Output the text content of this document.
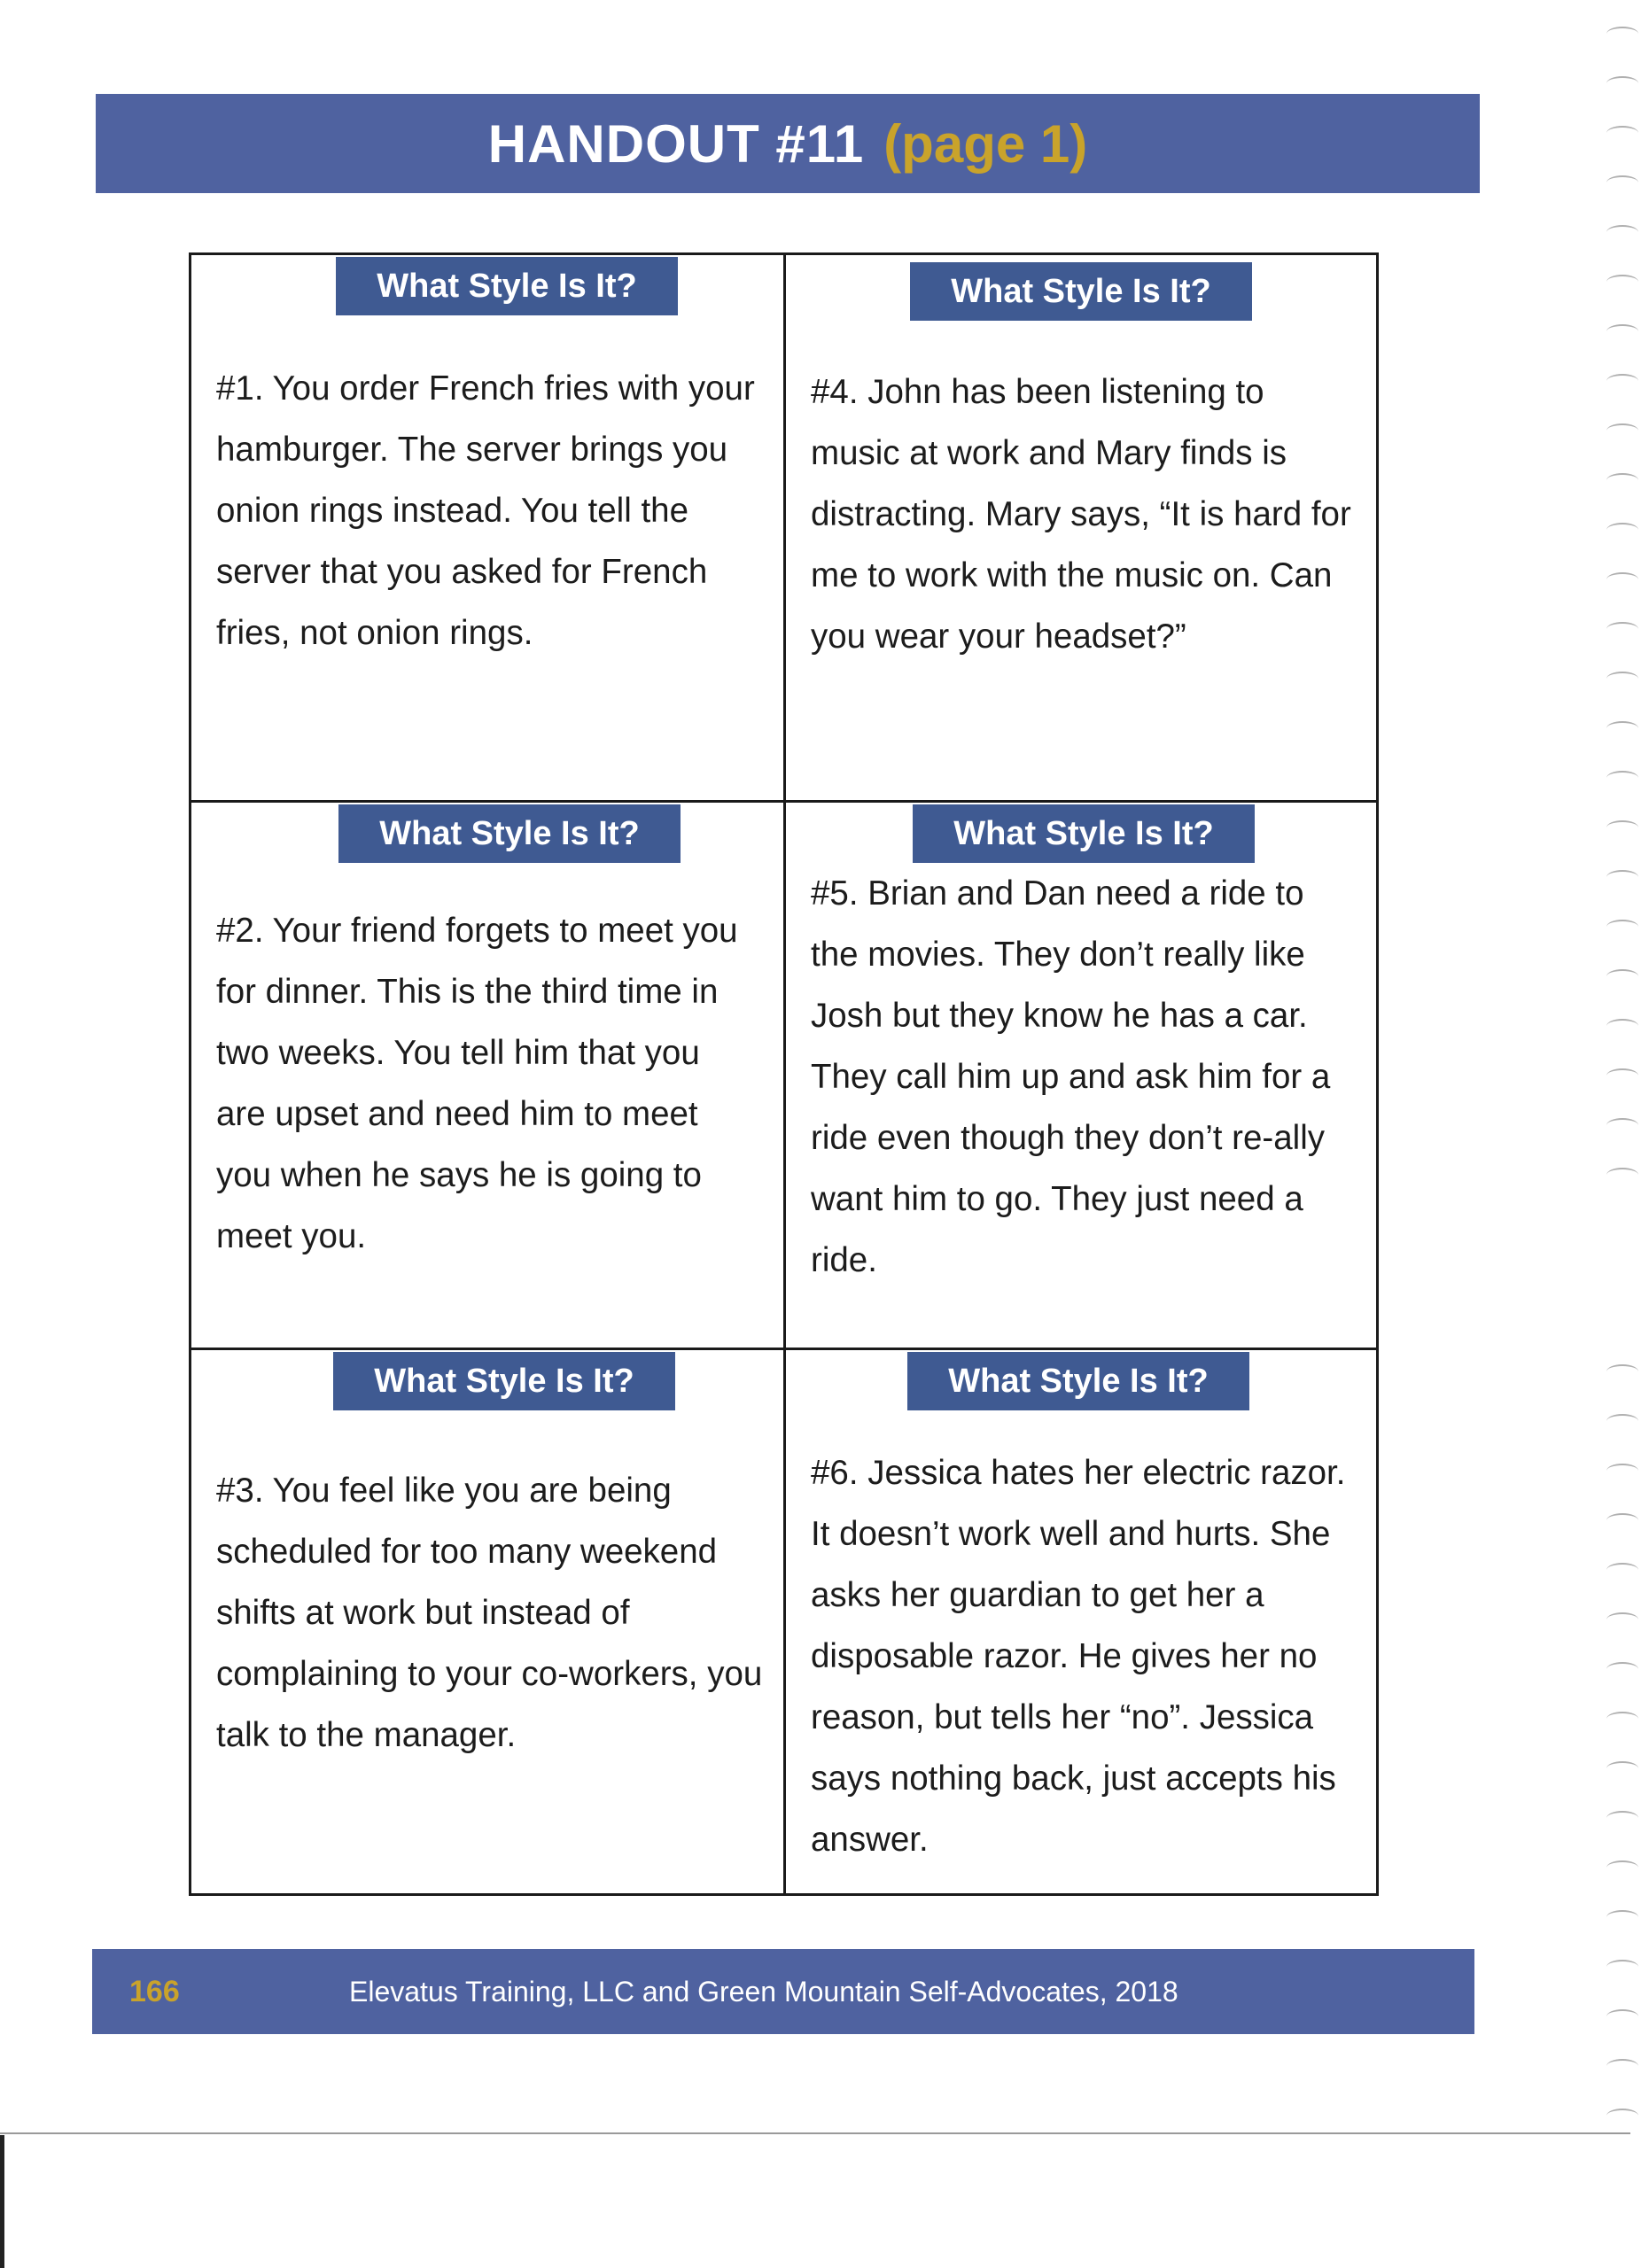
HANDOUT #11 (page 1)
What Style Is It?
#1. You order French fries with your hamburger. The server brings you onion rings instead. You tell the server that you asked for French fries, not onion rings.
What Style Is It?
#4. John has been listening to music at work and Mary finds is distracting. Mary says, “It is hard for me to work with the music on. Can you wear your headset?”
What Style Is It?
#2. Your friend forgets to meet you for dinner. This is the third time in two weeks. You tell him that you are upset and need him to meet you when he says he is going to meet you.
What Style Is It?
#5. Brian and Dan need a ride to the movies. They don’t really like Josh but they know he has a car. They call him up and ask him for a ride even though they don’t re-ally want him to go. They just need a ride.
What Style Is It?
#3. You feel like you are being scheduled for too many weekend shifts at work but instead of complaining to your co-workers, you talk to the manager.
What Style Is It?
#6. Jessica hates her electric razor. It doesn’t work well and hurts. She asks her guardian to get her a disposable razor. He gives her no reason, but tells her “no”. Jessica says nothing back, just accepts his answer.
166	Elevatus Training, LLC and Green Mountain Self-Advocates, 2018
